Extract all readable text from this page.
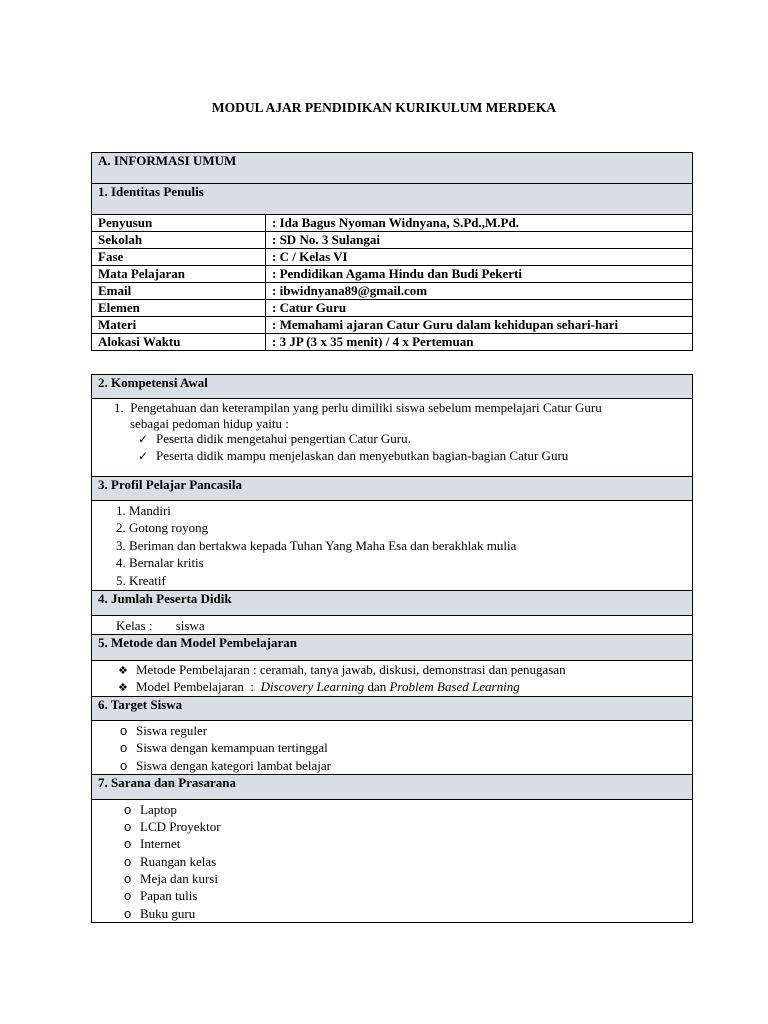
MODUL AJAR PENDIDIKAN KURIKULUM MERDEKA
A. INFORMASI UMUM	
1. Identitas Penulis	
Penyusun	: Ida Bagus Nyoman Widnyana, S.Pd.,M.Pd.
Sekolah	: SD No. 3 Sulangai
Fase	: C / Kelas VI
Mata Pelajaran	: Pendidikan Agama Hindu dan Budi Pekerti
Email	: ibwidnyana89@gmail.com
Elemen	: Catur Guru
Materi	: Memahami ajaran Catur Guru dalam kehidupan sehari-hari
Alokasi Waktu	: 3 JP (3 x 35 menit) / 4 x Pertemuan
2. Kompetensi Awal

1. Pengetahuan dan keterampilan yang perlu dimiliki siswa sebelum mempelajari Catur Guru
sebagai pedoman hidup yaitu :
✓ Peserta didik mengetahui pengertian Catur Guru.
✓ Peserta didik mampu menjelaskan dan menyebutkan bagian-bagian Catur Guru

3. Profil Pelajar Pancasila

1. Mandiri
2. Gotong royong
3. Beriman dan bertakwa kepada Tuhan Yang Maha Esa dan berakhlak mulia
4. Bernalar kritis
5. Kreatif

4. Jumlah Peserta Didik
Kelas : siswa
5. Metode dan Model Pembelajaran

❖ Metode Pembelajaran : ceramah, tanya jawab, diskusi, demonstrasi dan penugasan
❖ Model Pembelajaran  :  Discovery Learning dan Problem Based Learning

6. Target Siswa

o Siswa reguler
o Siswa dengan kemampuan tertinggal
o Siswa dengan kategori lambat belajar

7. Sarana dan Prasarana

o Laptop
o LCD Proyektor
o Internet
o Ruangan kelas
o Meja dan kursi
o Papan tulis
o Buku guru
